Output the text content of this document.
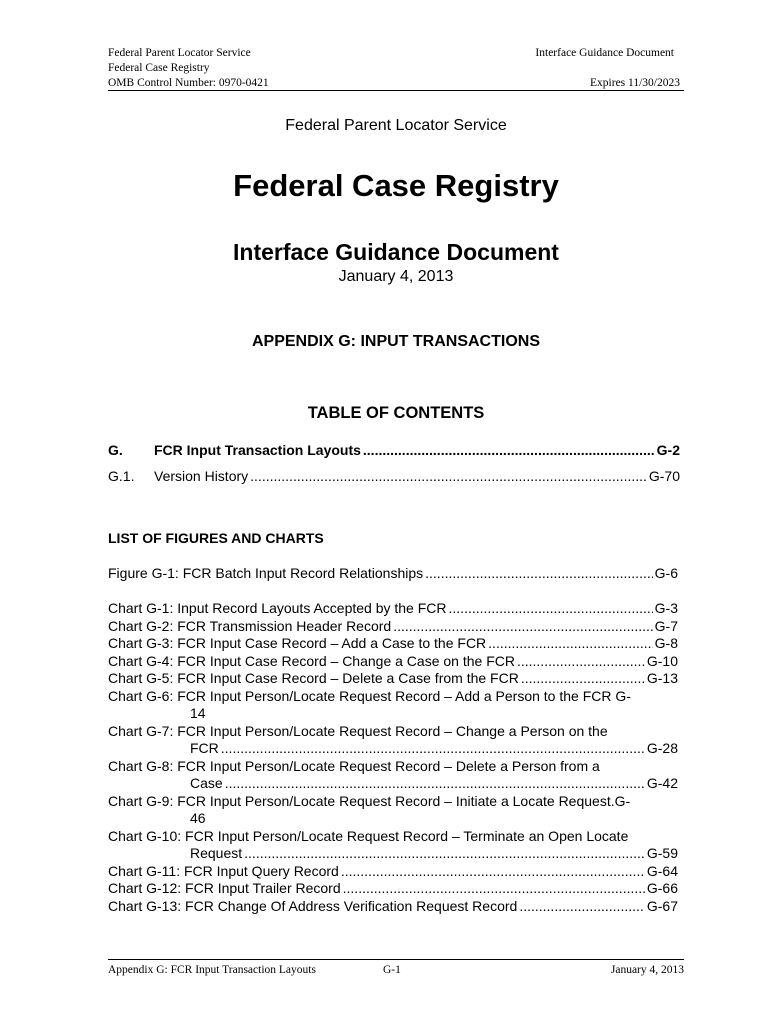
Federal Parent Locator Service	Interface Guidance Document
Federal Case Registry
OMB Control Number: 0970-0421	Expires 11/30/2023
Federal Parent Locator Service
Federal Case Registry
Interface Guidance Document
January 4, 2013
APPENDIX G: INPUT TRANSACTIONS
TABLE OF CONTENTS
G.	FCR Input Transaction Layouts .....	G-2
G.1.	Version History .....	G-70
LIST OF FIGURES AND CHARTS
Figure G-1: FCR Batch Input Record Relationships .....	G-6
Chart G-1: Input Record Layouts Accepted by the FCR .....	G-3
Chart G-2: FCR Transmission Header Record .....	G-7
Chart G-3: FCR Input Case Record – Add a Case to the FCR .....	G-8
Chart G-4: FCR Input Case Record – Change a Case on the FCR .....	G-10
Chart G-5: FCR Input Case Record – Delete a Case from the FCR .....	G-13
Chart G-6: FCR Input Person/Locate Request Record – Add a Person to the FCR G-
14
Chart G-7: FCR Input Person/Locate Request Record – Change a Person on the
FCR .....	G-28
Chart G-8: FCR Input Person/Locate Request Record – Delete a Person from a
Case .....	G-42
Chart G-9: FCR Input Person/Locate Request Record – Initiate a Locate Request.G-
46
Chart G-10: FCR Input Person/Locate Request Record – Terminate an Open Locate
Request .....	G-59
Chart G-11: FCR Input Query Record .....	G-64
Chart G-12: FCR Input Trailer Record .....	G-66
Chart G-13: FCR Change Of Address Verification Request Record .....	G-67
Appendix G: FCR Input Transaction Layouts	G-1	January 4, 2013
